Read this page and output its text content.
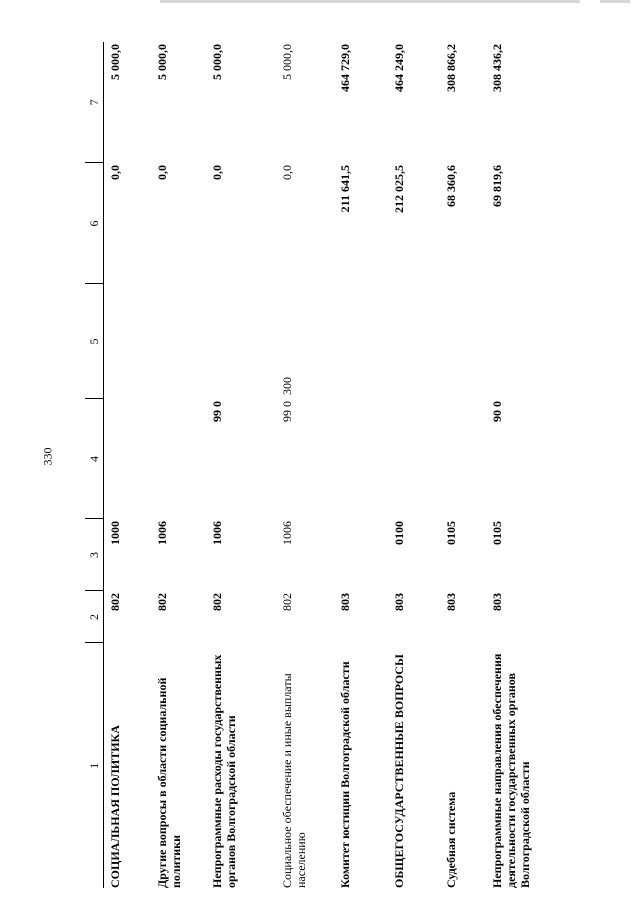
330
1	2	3	4	5	6	7
СОЦИАЛЬНАЯ ПОЛИТИКА	802	1000			0,0	5 000,0
Другие вопросы в области социальной политики	802	1006			0,0	5 000,0
Непрограммные расходы государственных органов Волгоградской области	802	1006	99 0		0,0	5 000,0
Социальное обеспечение и иные выплаты населению	802	1006	99 0	300	0,0	5 000,0
Комитет юстиции Волгоградской области	803				211 641,5	464 729,0
ОБЩЕГОСУДАРСТВЕННЫЕ ВОПРОСЫ	803	0100			212 025,5	464 249,0
Судебная система	803	0105			68 360,6	308 866,2
Непрограммные направления обеспечения деятельности государственных органов Волгоградской области	803	0105	90 0		69 819,6	308 436,2
